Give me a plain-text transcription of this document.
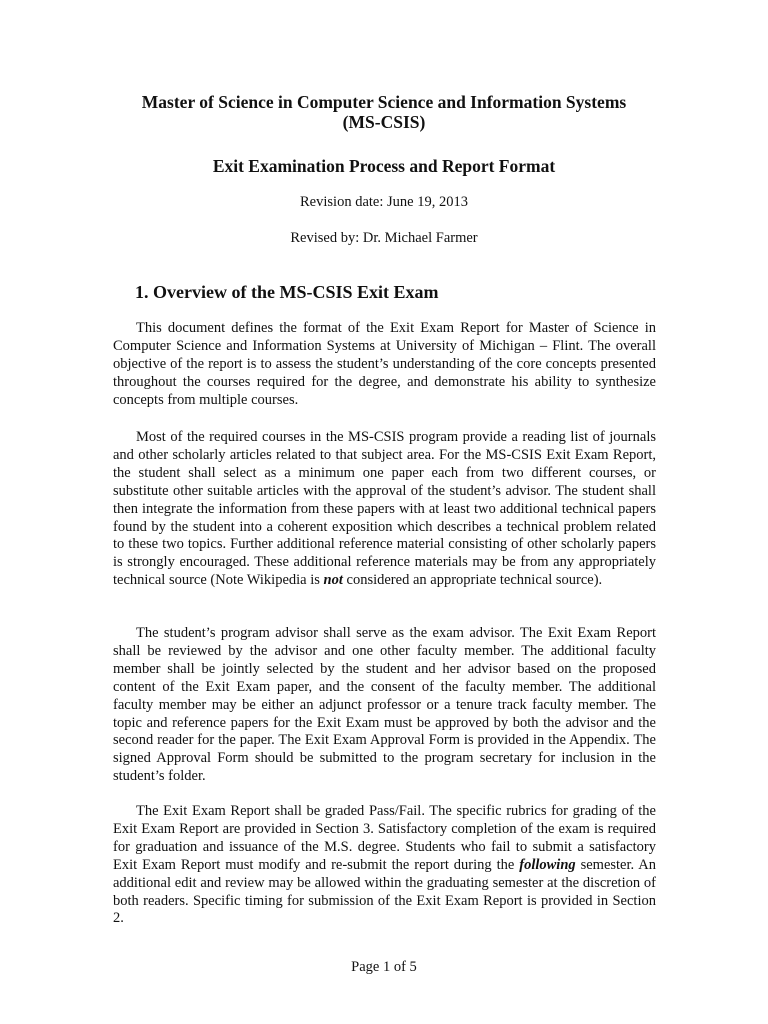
Master of Science in Computer Science and Information Systems
(MS-CSIS)
Exit Examination Process and Report Format
Revision date: June 19, 2013
Revised by: Dr. Michael Farmer
1. Overview of the MS-CSIS Exit Exam

This document defines the format of the Exit Exam Report for Master of Science in Computer Science and Information Systems at University of Michigan – Flint. The overall objective of the report is to assess the student’s understanding of the core concepts presented throughout the courses required for the degree, and demonstrate his ability to synthesize concepts from multiple courses.

Most of the required courses in the MS-CSIS program provide a reading list of journals and other scholarly articles related to that subject area. For the MS-CSIS Exit Exam Report, the student shall select as a minimum one paper each from two different courses, or substitute other suitable articles with the approval of the student’s advisor. The student shall then integrate the information from these papers with at least two additional technical papers found by the student into a coherent exposition which describes a technical problem related to these two topics. Further additional reference material consisting of other scholarly papers is strongly encouraged. These additional reference materials may be from any appropriately technical source (Note Wikipedia is not considered an appropriate technical source).

The student’s program advisor shall serve as the exam advisor. The Exit Exam Report shall be reviewed by the advisor and one other faculty member. The additional faculty member shall be jointly selected by the student and her advisor based on the proposed content of the Exit Exam paper, and the consent of the faculty member. The additional faculty member may be either an adjunct professor or a tenure track faculty member. The topic and reference papers for the Exit Exam must be approved by both the advisor and the second reader for the paper. The Exit Exam Approval Form is provided in the Appendix. The signed Approval Form should be submitted to the program secretary for inclusion in the student’s folder.

The Exit Exam Report shall be graded Pass/Fail. The specific rubrics for grading of the Exit Exam Report are provided in Section 3. Satisfactory completion of the exam is required for graduation and issuance of the M.S. degree. Students who fail to submit a satisfactory Exit Exam Report must modify and re-submit the report during the following semester. An additional edit and review may be allowed within the graduating semester at the discretion of both readers. Specific timing for submission of the Exit Exam Report is provided in Section 2.

Page 1 of 5
